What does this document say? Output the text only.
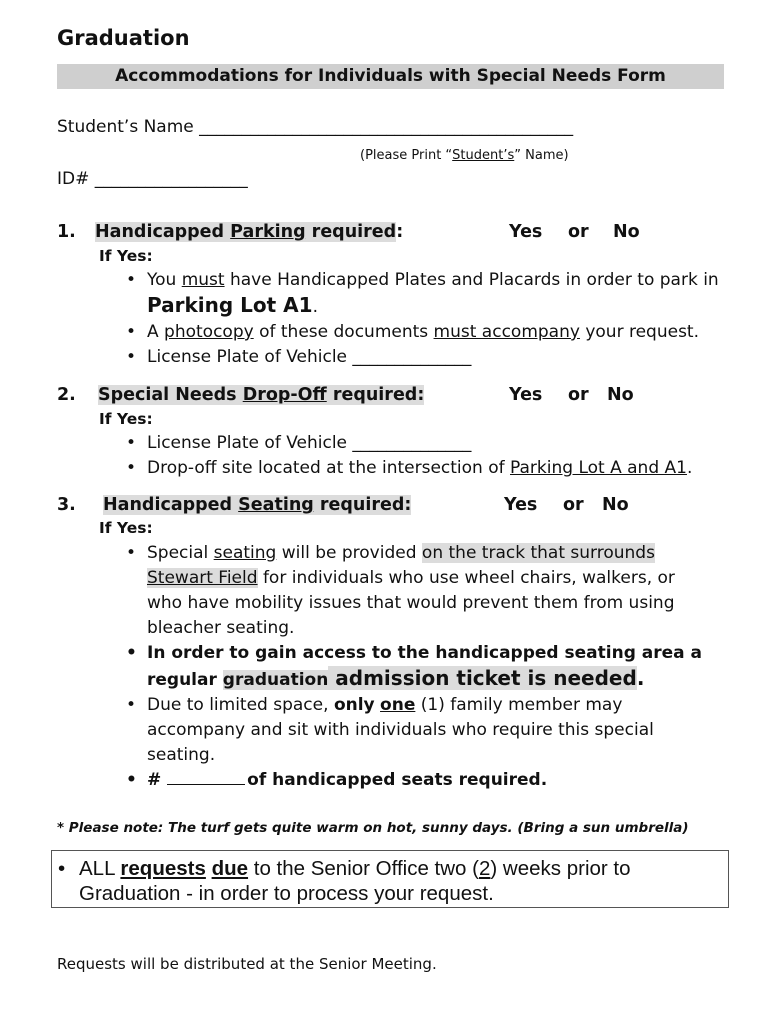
Graduation
Accommodations for Individuals with Special Needs Form
Student’s Name ____________________________________________
(Please Print “Student’s” Name)
ID# __________________
1. Handicapped Parking required:	Yes or No
If Yes:
• You must have Handicapped Plates and Placards in order to park in Parking Lot A1.
• A photocopy of these documents must accompany your request.
• License Plate of Vehicle ______________
2. Special Needs Drop-Off required:	Yes or No
If Yes:
• License Plate of Vehicle ______________
• Drop-off site located at the intersection of Parking Lot A and A1.
3. Handicapped Seating required:	Yes or No
If Yes:
• Special seating will be provided on the track that surrounds Stewart Field for individuals who use wheel chairs, walkers, or who have mobility issues that would prevent them from using bleacher seating.
• In order to gain access to the handicapped seating area a regular graduation admission ticket is needed.
• Due to limited space, only one (1) family member may accompany and sit with individuals who require this special seating.
• #	of handicapped seats required.
* Please note: The turf gets quite warm on hot, sunny days. (Bring a sun umbrella)
• ALL requests due to the Senior Office two (2) weeks prior to Graduation - in order to process your request.
Requests will be distributed at the Senior Meeting.
